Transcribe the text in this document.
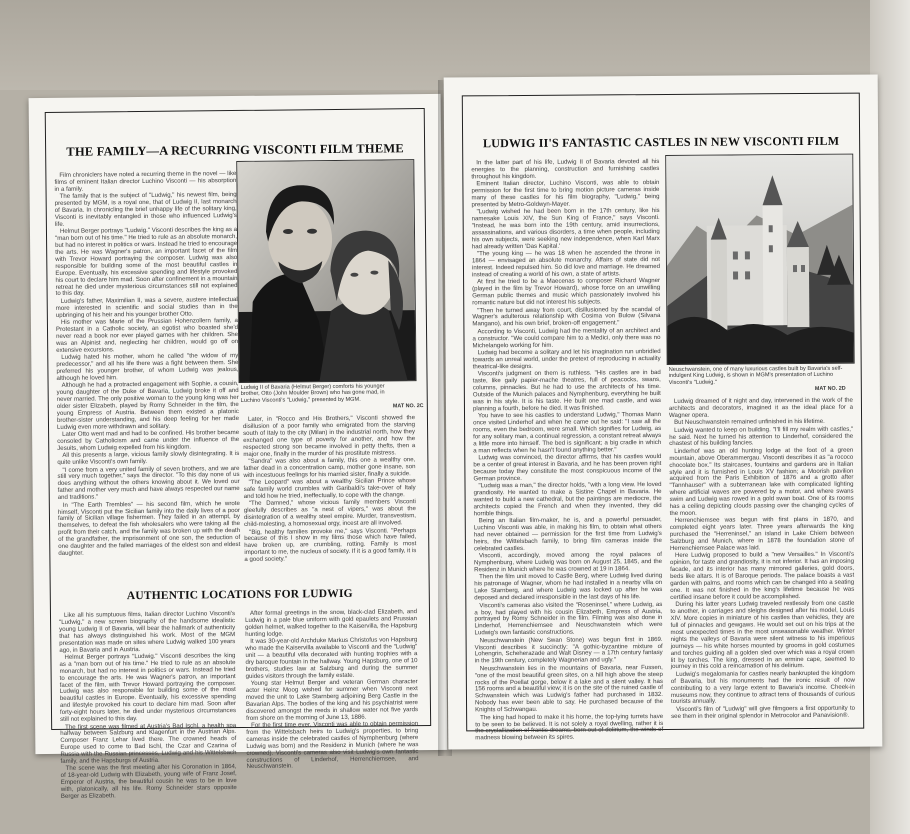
THE FAMILY—A RECURRING VISCONTI FILM THEME

Film chroniclers have noted a recurring theme in the novel — like films of eminent Italian director Luchino Visconti — his absorption in a family.

The family that is the subject of "Ludwig," his newest film, being presented by MGM, is a royal one, that of Ludwig II, last monarch of Bavaria. In chronicling the brief unhappy life of the solitary king, Visconti is inevitably entangled in those who influenced Ludwig's life.

Helmut Berger portrays "Ludwig." Visconti describes the king as a "man born out of his time." He tried to rule as an absolute monarch, but had no interest in politics or wars. Instead he tried to encourage the arts. He was Wagner's patron, an important facet of the film with Trevor Howard portraying the composer. Ludwig was also responsible for building some of the most beautiful castles in Europe. Eventually, his excessive spending and lifestyle provoked his court to declare him mad. Soon after confinement in a mountain retreat he died under mysterious circumstances still not explained to this day.

Ludwig's father, Maximilian II, was a severe, austere intellectual more interested in scientific and social studies than in the upbringing of his heir and his younger brother Otto.

His mother was Marie of the Prussian Hohenzollern family, a Protestant in a Catholic society, an egotist who boasted she'd never read a book nor ever played games with her children. She was an Alpinist and, neglecting her children, would go off on extensive excursions.

Ludwig hated his mother, whom he called "the widow of my predecessor," and all his life there was a fight between them. She preferred his younger brother, of whom Ludwig was jealous, although he loved him.

Although he had a protracted engagement with Sophie, a cousin, young daughter of the Duke of Bavaria, Ludwig broke it off and never married. The only positive woman to the young king was her older sister Elizabeth, played by Romy Schneider in the film, the young Empress of Austria. Between them existed a platonic brother-sister understanding, and his deep feeling for her made Ludwig even more withdrawn and solitary.

Later Otto went mad and had to be confined. His brother became consoled by Catholicism and came under the influence of the Jesuits, whom Ludwig expelled from his kingdom.

All this presents a large, vicious family slowly disintegrating. It is quite unlike Visconti's own family.

"I come from a very united family of seven brothers, and we are still very much together," says the director. "To this day none of us does anything without the others knowing about it. We loved our father and mother very much and have always respected our name and traditions."

In "The Earth Trembles" — his second film, which he wrote himself, Visconti put the Sicilian family into the daily lives of a poor family of Sicilian village fishermen. They failed in an attempt, by themselves, to defeat the fish wholesalers who were taking all the profit from their catch, and the family was broken up with the death of the grandfather, the imprisonment of one son, the seduction of one daughter and the failed marriages of the eldest son and eldest daughter.

Ludwig II of Bavaria (Helmut Berger) comforts his younger brother, Otto (John Moulder Brown) who has gone mad, in Luchino Visconti's "Ludwig," presented by MGM.
MAT NO. 2C

Later, in "Rocco and His Brothers," Visconti showed the disillusion of a poor family who emigrated from the starving south of Italy to the city (Milan) in the industrial north, how they exchanged one type of poverty for another, and how the respected strong son became involved in petty thefts, then a major one, finally in the murder of his prostitute mistress.

"Sandra" was also about a family, this one a wealthy one, father dead in a concentration camp, mother gone insane, son with incestuous feelings for his married sister, finally a suicide.

"The Leopard" was about a wealthy Sicilian Prince whose safe family world crumbles with Garibaldi's take-over of Italy and told how he tried, ineffectually, to cope with the change.

"The Damned," whose vicious family members Visconti gleefully describes as "a nest of vipers," was about the disintegration of a wealthy steel empire. Murder, transvestism, child-molesting, a homosexual orgy, incest are all involved.

"Big, healthy families provoke me," says Visconti. "Perhaps because of this I show in my films those which have failed, have broken up, are crumbling, rotting. Family is most important to me, the nucleus of society. If it is a good family, it is a good society."

AUTHENTIC LOCATIONS FOR LUDWIG

Like all his sumptuous films, Italian director Luchino Visconti's "Ludwig," a new screen biography of the handsome idealistic young Ludwig II of Bavaria, will bear the hallmark of authenticity that has always distinguished his work. Most of the MGM presentation was made on sites where Ludwig walked 100 years ago, in Bavaria and in Austria.

Helmut Berger portrays "Ludwig." Visconti describes the king as a "man born out of his time." He tried to rule as an absolute monarch, but had no interest in politics or wars. Instead he tried to encourage the arts. He was Wagner's patron, an important facet of the film, with Trevor Howard portraying the composer. Ludwig was also responsible for building some of the most beautiful castles in Europe. Eventually, his excessive spending and lifestyle provoked his court to declare him mad. Soon after forty-eight hours later, he died under mysterious circumstances still not explained to this day.

The first scene was filmed at Austria's Bad Ischl, a health spa halfway between Salzburg and Klagenfurt in the Austrian Alps. Composer Franz Lehar lived there. The crowned heads of Europe used to come to Bad Ischl, the Czar and Czarina of Russia with the Russian princesses, Ludwig and his Wittelsbach family, and the Hapsburgs of Austria.

The scene was the first meeting after his Coronation in 1864, of 18-year-old Ludwig with Elizabeth, young wife of Franz Josef, Emperor of Austria, the beautiful cousin he was to be in love with, platonically, all his life. Romy Schneider stars opposite Berger as Elizabeth.

After formal greetings in the snow, black-clad Elizabeth, and Ludwig in a pale blue uniform with gold epaulets and Prussian golden helmet, walked together to the Kaiservilla, the Hapsburg hunting lodge.

It was 30-year-old Archduke Markus Christofus von Hapsburg who made the Kaiservilla available to Visconti and the "Ludwig" unit — a beautiful villa decorated with hunting trophies with a dry baroque fountain in the hallway. Young Hapsburg, one of 10 brothers, studies law at Salzburg and during the summer guides visitors through the family estate.

Young star Helmut Berger and veteran German character actor Heinz Moog wished for summer when Visconti next moved the unit to Lake Starnberg adjoining Berg Castle in the Bavarian Alps. The bodies of the king and his psychiatrist were discovered amongst the reeds in shallow water not five yards from shore on the morning of June 13, 1886.

For the first time ever, Visconti was able to obtain permission from the Wittelsbach heirs to Ludwig's properties, to bring cameras inside the celebrated castles of Nymphenburg (where Ludwig was born) and the Residenz in Munich (where he was crowned). Visconti's cameras also visit Ludwig's own fantastic constructions of Linderhof, Herrenchiemsee, and Neuschwanstein.

LUDWIG II'S FANTASTIC CASTLES IN NEW VISCONTI FILM

In the latter part of his life, Ludwig II of Bavaria devoted all his energies to the planning, construction and furnishing castles throughout his kingdom.

Eminent Italian director, Luchino Visconti, was able to obtain permission for the first time to bring motion picture cameras inside many of these castles for his film biography, "Ludwig," being presented by Metro-Goldwyn-Mayer.

"Ludwig wished he had been born in the 17th century, like his namesake Louis XIV, the Sun King of France," says Visconti. "Instead, he was born into the 19th century, amid insurrections, assassinations, and various disorders, a time when people, including his own subjects, were seeking new independence, when Karl Marx had already written 'Das Kapital.'

"The young king — he was 18 when he ascended the throne in 1864 — envisaged an absolute monarchy. Affairs of state did not interest. Indeed repulsed him. So did love and marriage. He dreamed instead of creating a world of his own, a state of artists.

At first he tried to be a Maecenas to composer Richard Wagner (played in the film by Trevor Howard), whose force on an unwilling German public themes and music which passionately involved his romantic nature but did not interest his subjects.

"Then he turned away from court, disillusioned by the scandal of Wagner's adulterous relationship with Cosima von Bulow (Silvana Mangano), and his own brief, broken-off engagement."

According to Visconti, Ludwig had the mentality of an architect and a constructor. "We could compare him to a Medici, only there was no Michelangelo working for him.

Ludwig had become a solitary and let his imagination run unbridled towards an unreal world, under the pretext of reproducing in actuality theatrical-like designs.

Visconti's judgment on them is ruthless. "His castles are in bad taste, like gaily papier-mache theatres, full of peacocks, swans, columns, pinnacles. But he had to use the architects of his time. Outside of the Munich palaces and Nymphenburg, everything he built was in his style. It is his taste. He built one mad castle, and was planning a fourth, before he died. It was finished.

You have to see his castles to understand Ludwig," Thomas Mann once visited Linderhof and when he came out he said: "I saw all the rooms, even the bedroom, were small. Which signifies for Ludwig, as for any solitary man, a continual regression, a constant retreat always a little more into himself. The bed is significant; a big cradle in which a man reflects when he hasn't found anything better."

Ludwig was convinced, the director affirms, that his castles would be a center of great interest in Bavaria, and he has been proven right because today they constitute the most conspicuous income of the German province.

"Ludwig was a man," the director holds, "with a long view. He loved grandiosity. He wanted to make a Sistine Chapel in Bavaria. He wanted to build a new cathedral, but the paintings are mediocre, the architects copied the French and when they invented, they did horrible things.

Being an Italian film-maker, he is, and a powerful persuader, Luchino Visconti was able, in making his film, to obtain what others had never obtained — permission for the first time from Ludwig's heirs, the Wittelsbach family, to bring film cameras inside the celebrated castles.

Visconti, accordingly, moved among the royal palaces of Nymphenburg, where Ludwig was born on August 25, 1845, and the Residenz in Munich where he was crowned at 19 in 1864.

Then the film unit moved to Castle Berg, where Ludwig lived during his patronage of Wagner, whom he had installed in a nearby villa on Lake Starnberg, and where Ludwig was locked up after he was deposed and declared irresponsible in the last days of his life.

Visconti's cameras also visited the "Roseninsel," where Ludwig, as a boy, had played with his cousin Elizabeth, Empress of Austria, portrayed by Romy Schneider in the film. Filming was also done in Linderhof, Herrenchiemsee and Neuschwanstein which were Ludwig's own fantastic constructions.

Neuschwanstein (New Swan Stone) was begun first in 1869. Visconti describes it succinctly: "A gothic-byzantine mixture of Lohengrin, Scheherazade and Walt Disney — a 17th century fantasy in the 19th century, completely Wagnerian and ugly."

Neuschwanstein lies in the mountains of Bavaria, near Fussen, "one of the most beautiful green sites, on a hill high above the steep rocks of the Poellat gorge, below it a lake and a silent valley. It has 156 rooms and a beautiful view; it is on the site of the ruined castle of Schwanstein which was Ludwig's father had purchased in 1832. Nobody has ever been able to say. He purchased because of the Knights of Schwangau.

The king had hoped to make it his home, the top-lying turrets have to be seen to be believed. It is not solely a royal dwelling, rather it is the crystallization of frantic dreams, born out of delirium, the winds of madness blowing between its spires.

Neuschwanstein, one of many luxurious castles built by Bavaria's self-indulgent King Ludwig, is shown in MGM's presentation of Luchino Visconti's "Ludwig."
MAT NO. 2D

Ludwig dreamed of it night and day, intervened in the work of the architects and decorators, imagined it as the ideal place for a Wagner opera.

But Neuschwanstein remained unfinished in his lifetime.

Ludwig wanted to keep on building. "I'll fill my realm with castles," he said. Next he turned his attention to Linderhof, considered the chastest of his building fancies.

Linderhof was an old hunting lodge at the foot of a green mountain, above Oberammergau. Visconti describes it as "a rococo chocolate box." Its staircases, fountains and gardens are in Italian style and it is furnished in Louis XV fashion; a Moorish pavilion acquired from the Paris Exhibition of 1876 and a grotto after "Tannhauser" with a subterranean lake with complicated lighting where artificial waves are powered by a motor, and where swans swim and Ludwig was rowed in a gold swan boat. One of its rooms has a ceiling depicting clouds passing over the changing cycles of the moon.

Herrenchiemsee was begun with first plans in 1870, and completed eight years later. Three years afterwards the king purchased the "Herreninsel," an island in Lake Chiem between Salzburg and Munich, where in 1878 the foundation stone of Herrenchiemsee Palace was laid.

Here Ludwig proposed to build a "new Versailles." In Visconti's opinion, for taste and grandiosity, it is not inferior. It has an imposing facade, and its interior has many mirrored galleries, gold doors, beds like altars. It is of Baroque periods. The palace boasts a vast garden with palms, and rooms which can be changed into a seating one. It was not finished in the king's lifetime because he was certified insane before it could be accomplished.

During his latter years Ludwig traveled restlessly from one castle to another, in carriages and sleighs designed after his model, Louis XIV. More copies in miniature of his castles than vehicles, they are full of pinnacles and gewgaws. He would set out on his trips at the most unexpected times in the most unseasonable weather. Winter nights the valleys of Bavaria were silent witness to his imperious journeys — his white horses mounted by grooms in gold costumes and torches guiding all a golden sled over which was a royal crown lit by torches. The king, dressed in an ermine cape, seemed to journey in this cold a reincarnation of his delirium.

Ludwig's megalomania for castles nearly bankrupted the kingdom of Bavaria, but his monuments had the ironic result of now contributing to a very large extent to Bavaria's income. Cheek-in museums now, they continue to attract tens of thousands of curious tourists annually.

Visconti's film of "Ludwig" will give filmgoers a first opportunity to see them in their original splendor in Metrocolor and Panavision®.
